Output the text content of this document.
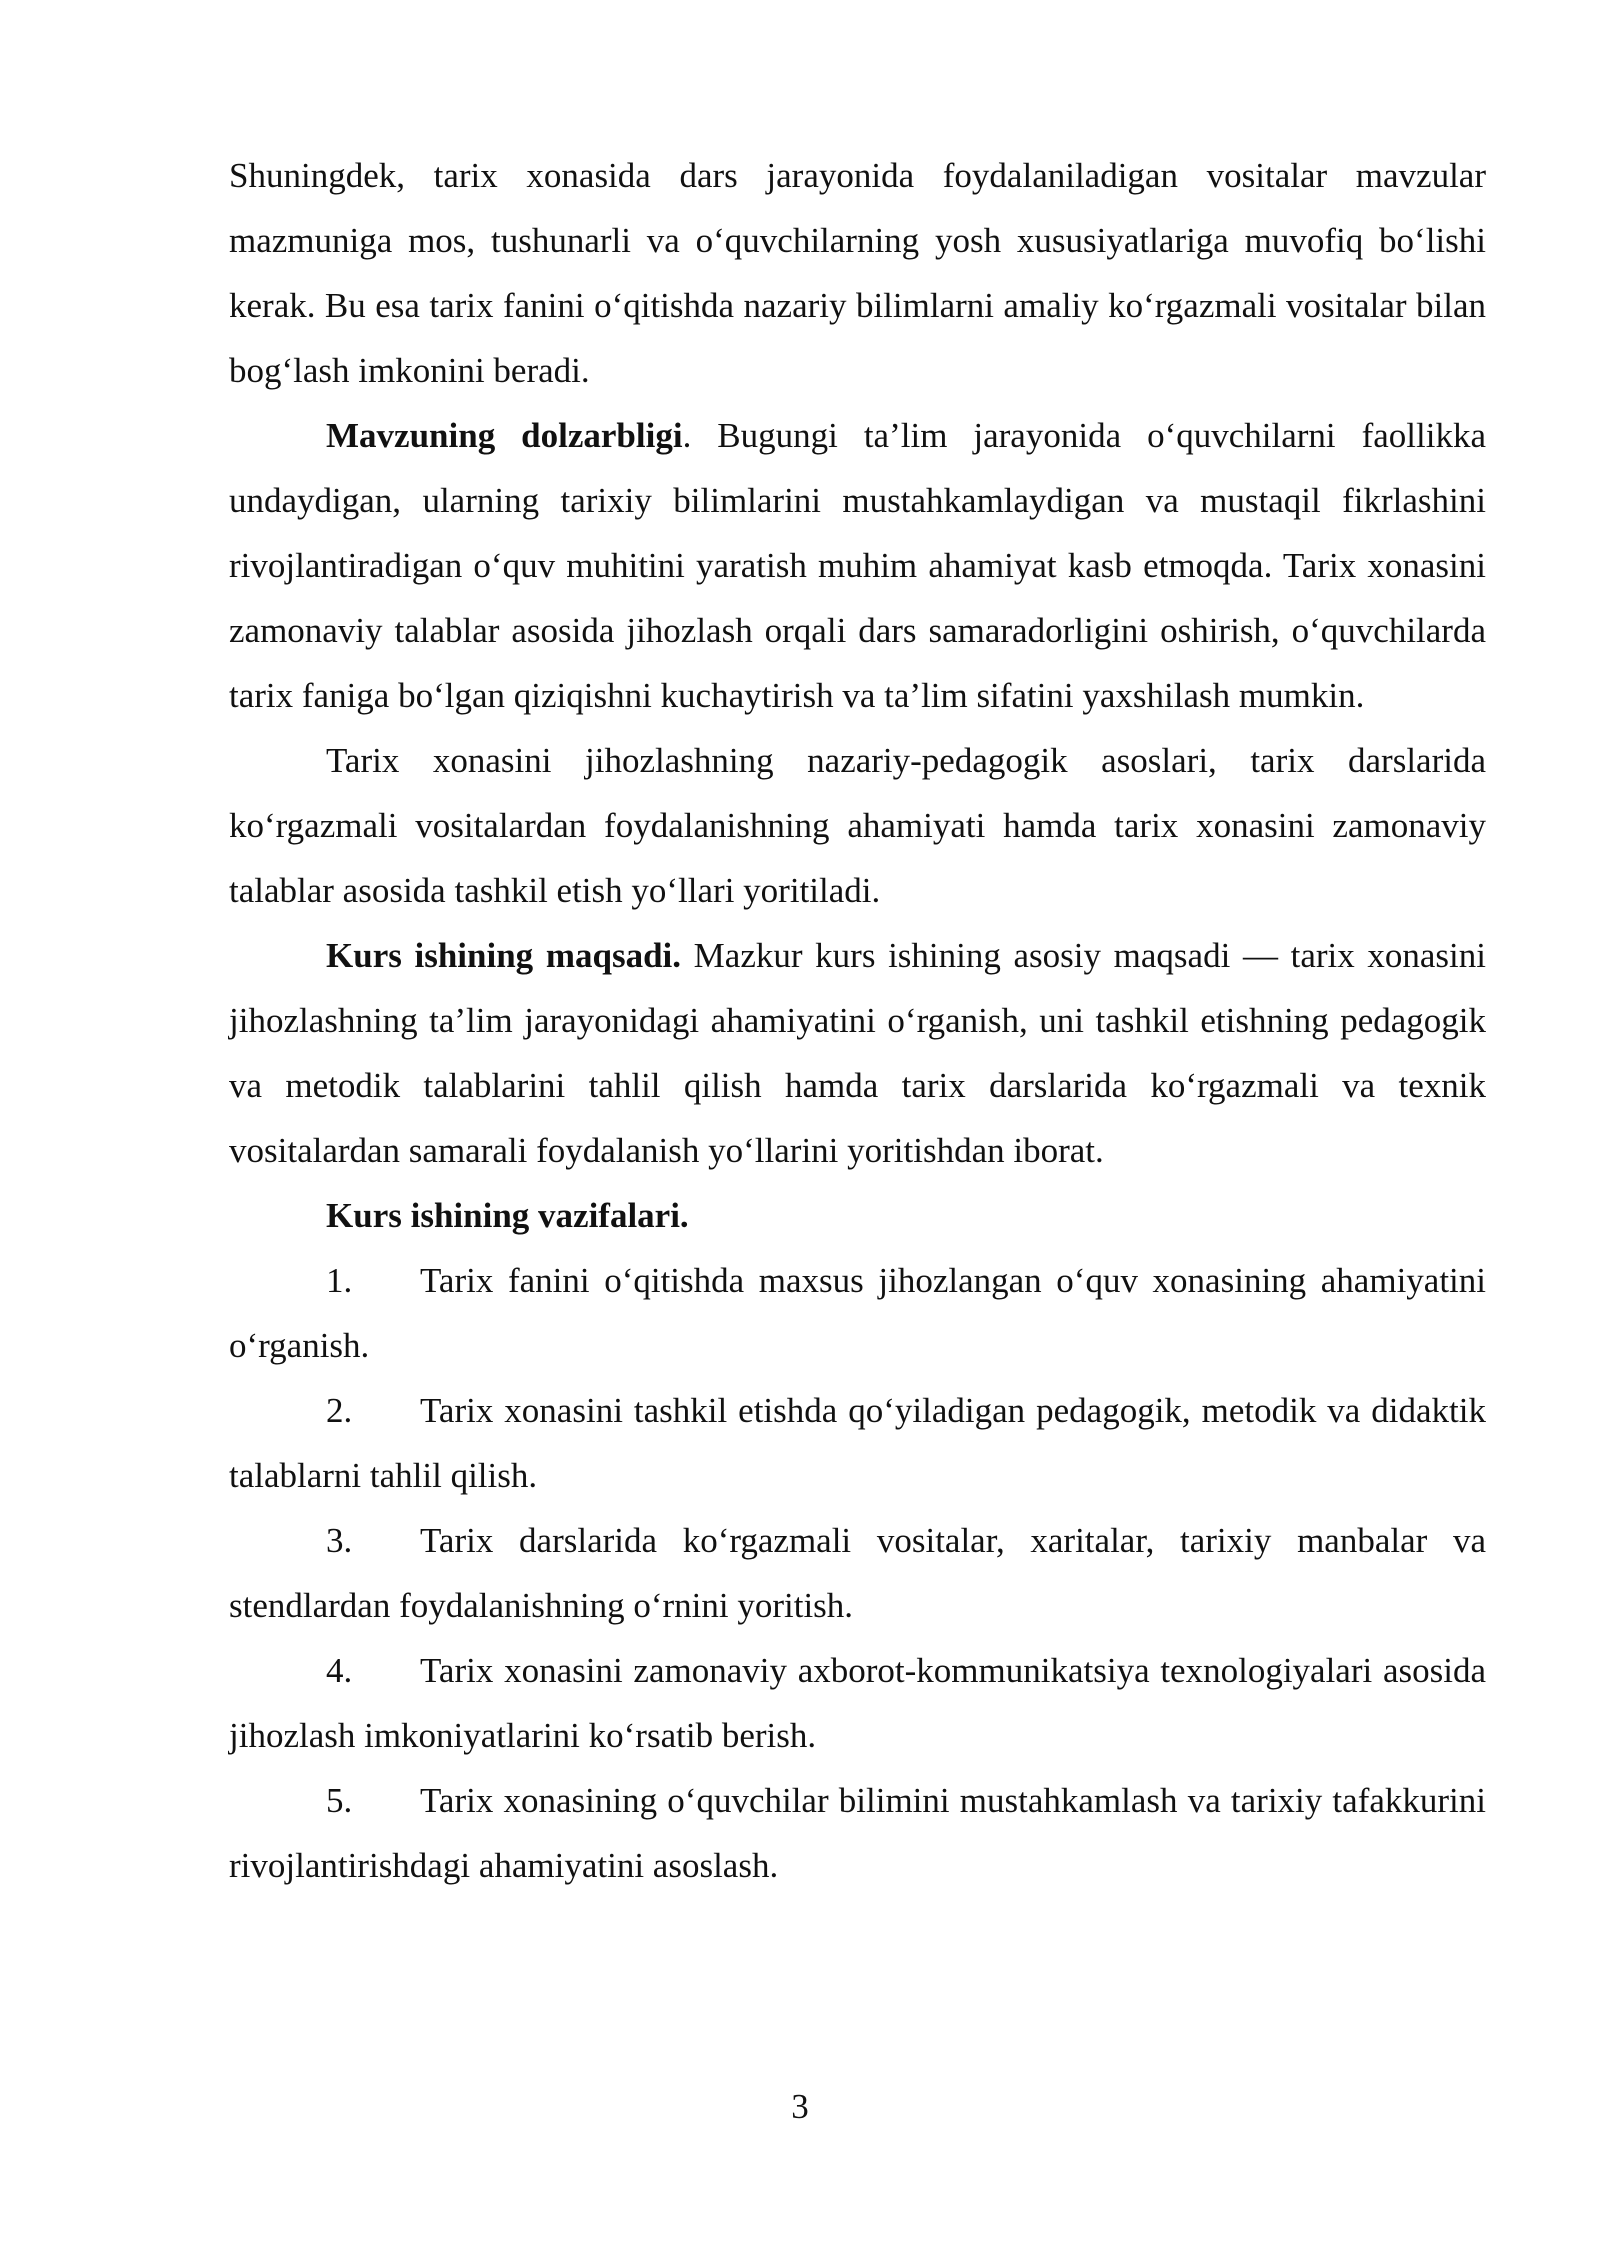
Shuningdek, tarix xonasida dars jarayonida foydalaniladigan vositalar mavzular mazmuniga mos, tushunarli va o‘quvchilarning yosh xususiyatlariga muvofiq bo‘lishi kerak. Bu esa tarix fanini o‘qitishda nazariy bilimlarni amaliy ko‘rgazmali vositalar bilan bog‘lash imkonini beradi.

Mavzuning dolzarbligi. Bugungi ta’lim jarayonida o‘quvchilarni faollikka undaydigan, ularning tarixiy bilimlarini mustahkamlaydigan va mustaqil fikrlashini rivojlantiradigan o‘quv muhitini yaratish muhim ahamiyat kasb etmoqda. Tarix xonasini zamonaviy talablar asosida jihozlash orqali dars samaradorligini oshirish, o‘quvchilarda tarix faniga bo‘lgan qiziqishni kuchaytirish va ta’lim sifatini yaxshilash mumkin.

Tarix xonasini jihozlashning nazariy-pedagogik asoslari, tarix darslarida ko‘rgazmali vositalardan foydalanishning ahamiyati hamda tarix xonasini zamonaviy talablar asosida tashkil etish yo‘llari yoritiladi.

Kurs ishining maqsadi. Mazkur kurs ishining asosiy maqsadi — tarix xonasini jihozlashning ta’lim jarayonidagi ahamiyatini o‘rganish, uni tashkil etishning pedagogik va metodik talablarini tahlil qilish hamda tarix darslarida ko‘rgazmali va texnik vositalardan samarali foydalanish yo‘llarini yoritishdan iborat.

Kurs ishining vazifalari.

1. Tarix fanini o‘qitishda maxsus jihozlangan o‘quv xonasining ahamiyatini o‘rganish.

2. Tarix xonasini tashkil etishda qo‘yiladigan pedagogik, metodik va didaktik talablarni tahlil qilish.

3. Tarix darslarida ko‘rgazmali vositalar, xaritalar, tarixiy manbalar va stendlardan foydalanishning o‘rnini yoritish.

4. Tarix xonasini zamonaviy axborot-kommunikatsiya texnologiyalari asosida jihozlash imkoniyatlarini ko‘rsatib berish.

5. Tarix xonasining o‘quvchilar bilimini mustahkamlash va tarixiy tafakkurini rivojlantirishdagi ahamiyatini asoslash.

3
